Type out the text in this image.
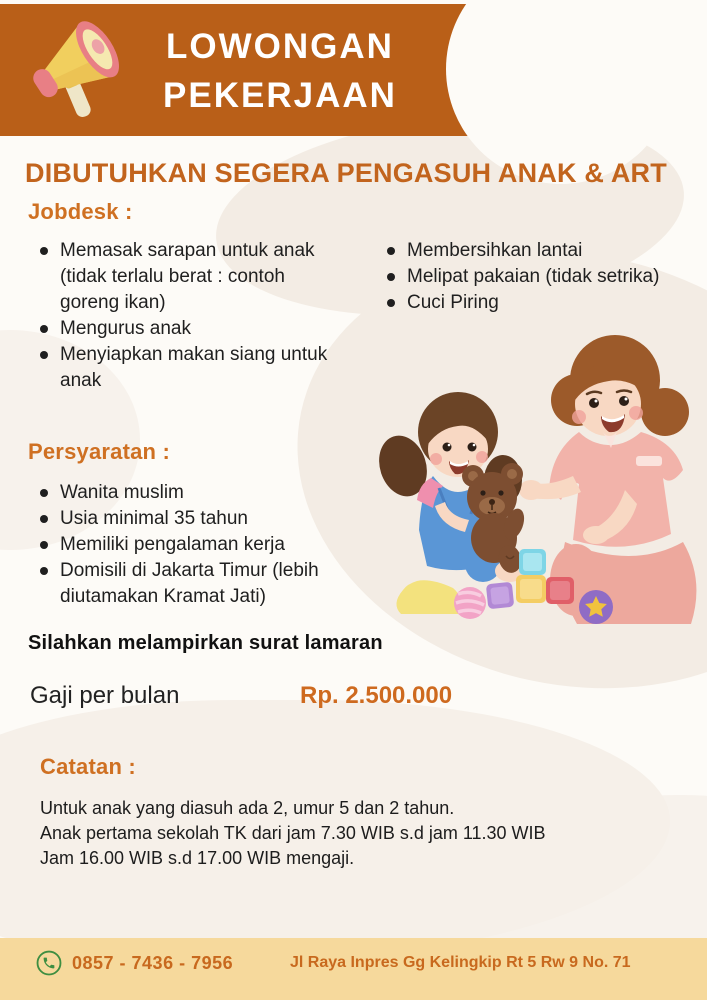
LOWONGAN
PEKERJAAN
DIBUTUHKAN SEGERA PENGASUH ANAK & ART
Jobdesk :
Memasak sarapan untuk anak (tidak terlalu berat : contoh goreng ikan)
Mengurus anak
Menyiapkan makan siang untuk anak
Membersihkan lantai
Melipat pakaian (tidak setrika)
Cuci Piring
Persyaratan :
Wanita muslim
Usia minimal 35 tahun
Memiliki pengalaman kerja
Domisili di Jakarta Timur (lebih diutamakan Kramat Jati)
Silahkan melampirkan surat lamaran
Gaji per bulan	Rp. 2.500.000
Catatan :
Untuk anak yang diasuh ada 2, umur 5 dan 2 tahun.
Anak pertama sekolah TK dari jam 7.30 WIB s.d jam 11.30 WIB
Jam 16.00 WIB s.d 17.00 WIB mengaji.
0857 - 7436 - 7956	Jl Raya Inpres Gg Kelingkip Rt 5 Rw 9 No. 71
